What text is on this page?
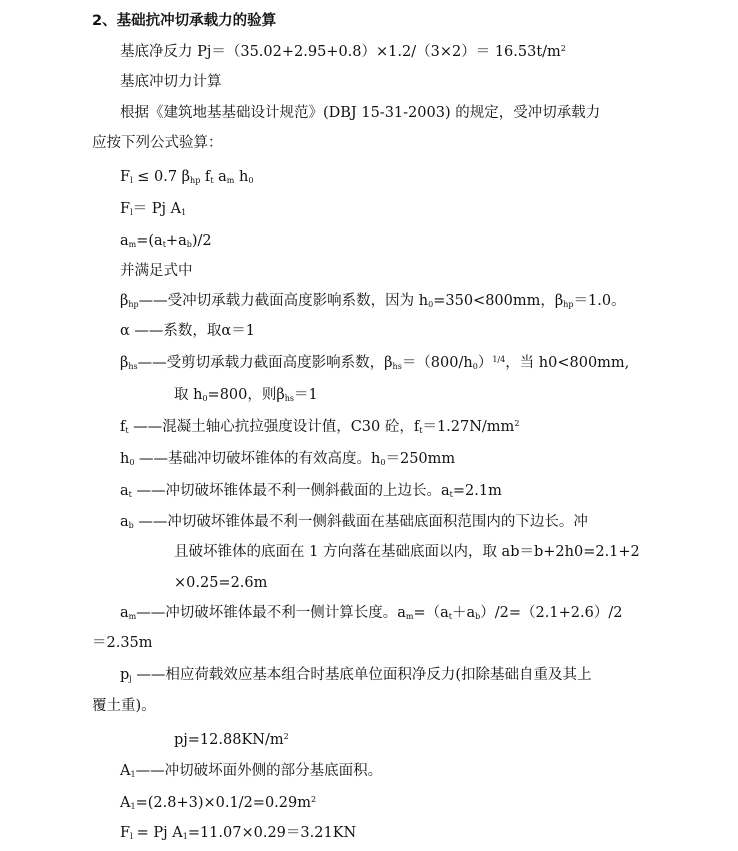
2、基础抗冲切承载力的验算
基底净反力 $Pj=(35.02+2.95+0.8)\times 1.2/(3\times 2)= 16.53t/m^2$
基底冲切力计算
根据《建筑地基基础设计规范》(DBJ 15-31-2003) 的规定，受冲切承载力
应按下列公式验算：
$F_l \le 0.7$ $\beta_{hp}$ $f_t$ $a_m$ $h_0$
$F_l= Pj$ $A_1$
$a_m=(a_t+a_b)/2$
并满足式中
$\beta_{hp}——$受冲切承载力截面高度影响系数，因为 $h_0=350<800mm$，$\beta_{hp}=1.0$。
α ——系数，取α＝1
$\beta_{hs}——$受剪切承载力截面高度影响系数，$\beta_{hs}=(800/h_0)^{1/4}$，当 h0<800mm,
取 $h_0=800$，则$\beta_{hs}=1$
$f_t$ ——混凝土轴心抗拉强度设计值，C30 砼，$f_t=1.27N/mm^2$
$h_0$ ——基础冲切破坏锥体的有效高度。$h_0=250mm$
$a_t$ ——冲切破坏锥体最不利一侧斜截面的上边长。$a_t=2.1m$
$a_b$ ——冲切破坏锥体最不利一侧斜截面在基础底面积范围内的下边长。冲
且破坏锥体的底面在 1 方向落在基础底面以内，取 ab＝b+2h0=2.1+2
×0.25=2.6m
$a_m——$冲切破坏锥体最不利一侧计算长度。$a_m=(a_t+a_b)/2=(2.1+2.6)/2$
＝2.35m
$p_j$ ——相应荷载效应基本组合时基底单位面积净反力(扣除基础自重及其上
覆土重)。
$pj=12.88KN/m^2$
$A_1——$冲切破坏面外侧的部分基底面积。
$A_1=(2.8+3)\times 0.1/2=0.29m^2$
$F_l = Pj$ $A_1=11.07\times 0.29=3.21KN$
